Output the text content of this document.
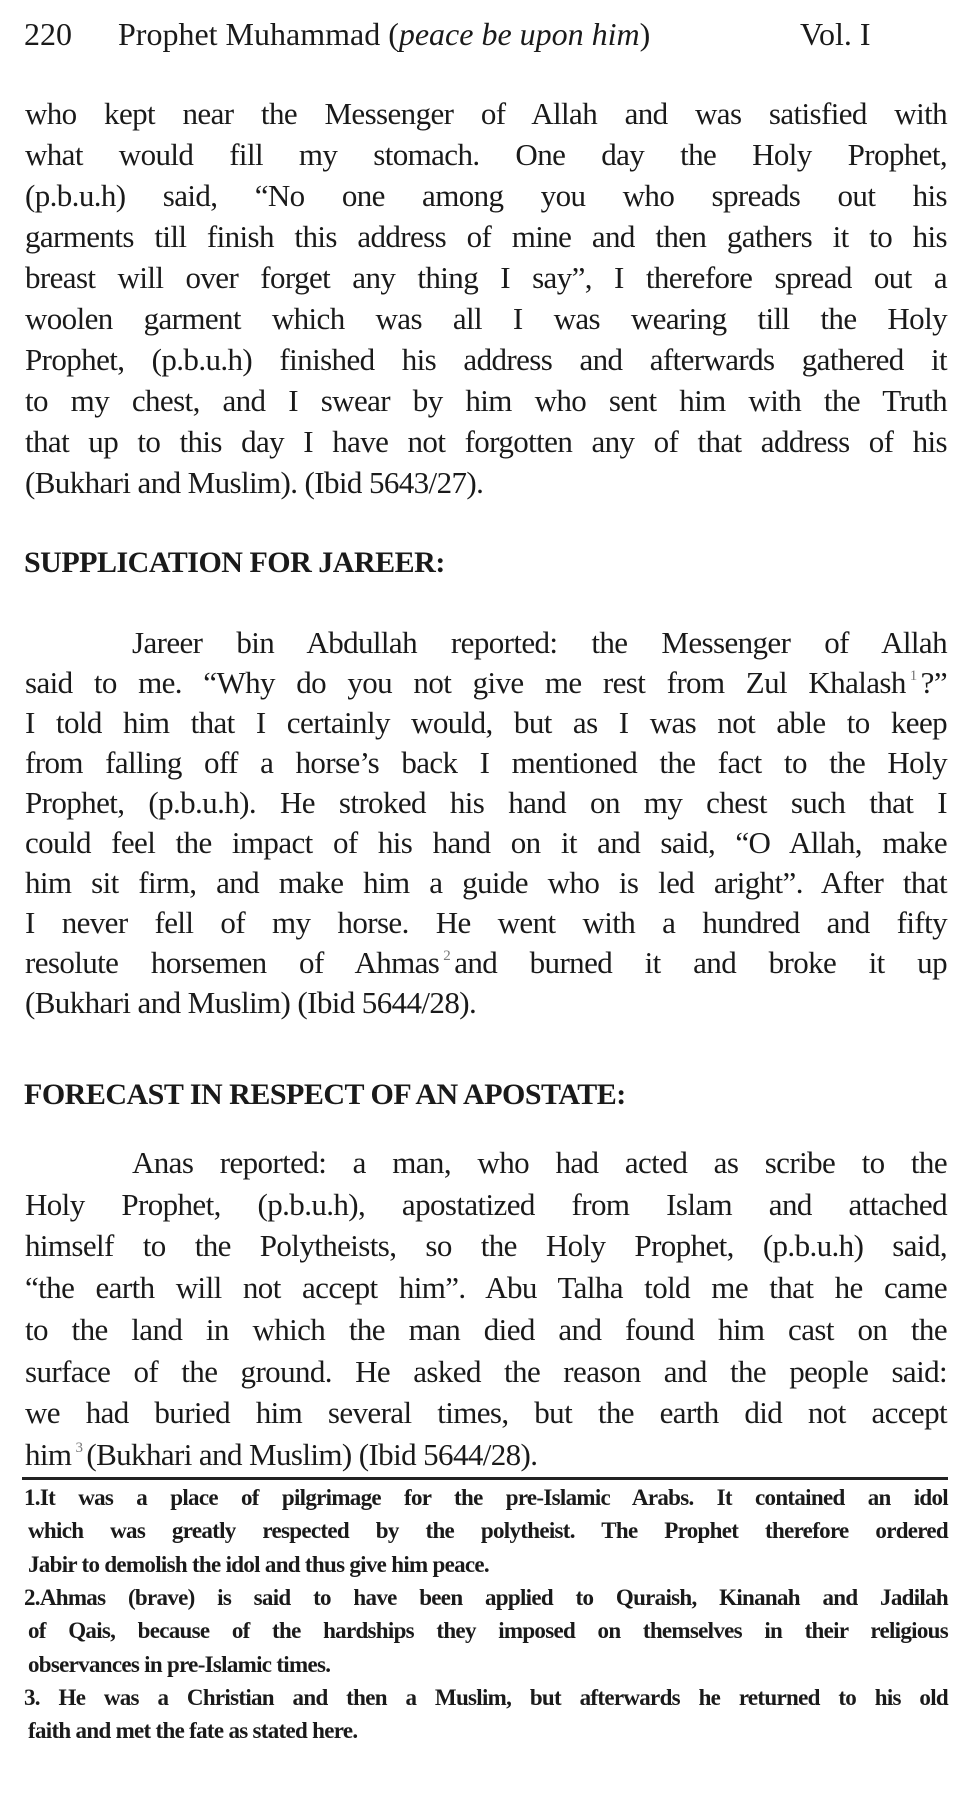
220 Prophet Muhammad (peace be upon him)	Vol. I
who kept near the Messenger of Allah and was satisfied with
what would fill my stomach. One day the Holy Prophet,
(p.b.u.h) said, “No one among you who spreads out his
garments till finish this address of mine and then gathers it to his
breast will over forget any thing I say”, I therefore spread out a
woolen garment which was all I was wearing till the Holy
Prophet, (p.b.u.h) finished his address and afterwards gathered it
to my chest, and I swear by him who sent him with the Truth
that up to this day I have not forgotten any of that address of his
(Bukhari and Muslim). (Ibid 5643/27).
SUPPLICATION FOR JAREER:
Jareer bin Abdullah reported: the Messenger of Allah
said to me. “Why do you not give me rest from Zul Khalash $^1$ ?”
I told him that I certainly would, but as I was not able to keep
from falling off a horse’s back I mentioned the fact to the Holy
Prophet, (p.b.u.h). He stroked his hand on my chest such that I
could feel the impact of his hand on it and said, “O Allah, make
him sit firm, and make him a guide who is led aright”. After that
I never fell of my horse. He went with a hundred and fifty
resolute horsemen of Ahmas $^2$ and burned it and broke it up
(Bukhari and Muslim) (Ibid 5644/28).
FORECAST IN RESPECT OF AN APOSTATE:
Anas reported: a man, who had acted as scribe to the
Holy Prophet, (p.b.u.h), apostatized from Islam and attached
himself to the Polytheists, so the Holy Prophet, (p.b.u.h) said,
“the earth will not accept him”. Abu Talha told me that he came
to the land in which the man died and found him cast on the
surface of the ground. He asked the reason and the people said:
we had buried him several times, but the earth did not accept
him $^3$ (Bukhari and Muslim) (Ibid 5644/28).
1.It was a place of pilgrimage for the pre-Islamic Arabs. It contained an idol
which was greatly respected by the polytheist. The Prophet therefore ordered
Jabir to demolish the idol and thus give him peace.
2.Ahmas (brave) is said to have been applied to Quraish, Kinanah and Jadilah
of Qais, because of the hardships they imposed on themselves in their religious
observances in pre-Islamic times.
3. He was a Christian and then a Muslim, but afterwards he returned to his old
faith and met the fate as stated here.
